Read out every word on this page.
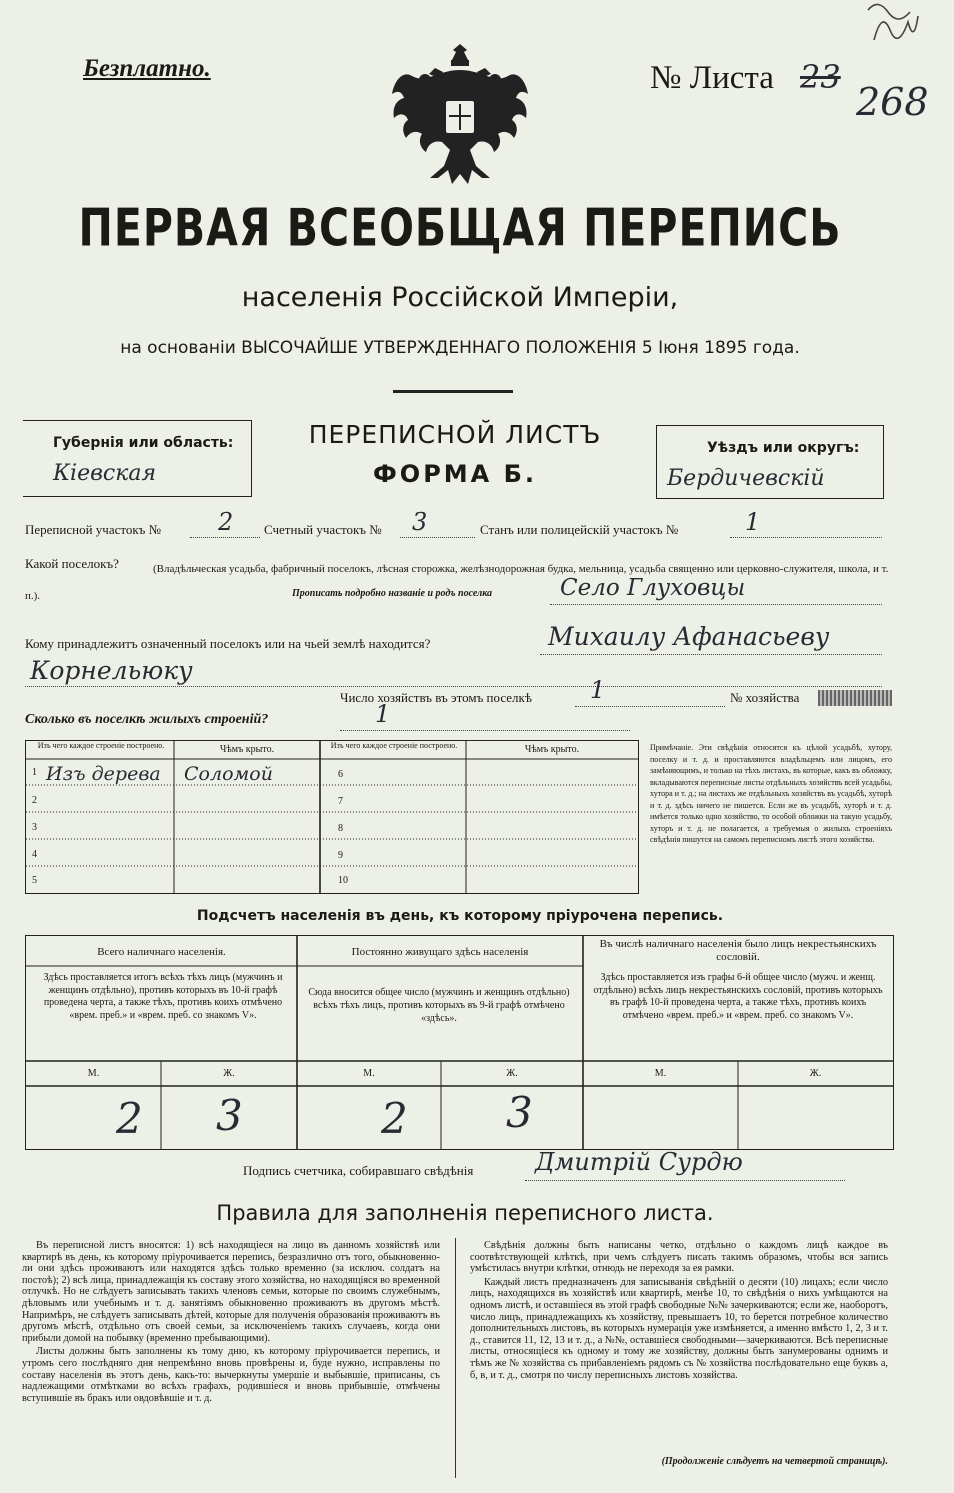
268
Безплатно.	№ Листа 23
ПЕРВАЯ ВСЕОБЩАЯ ПЕРЕПИСЬ
населенія Россійской Имперіи,
на основаніи ВЫСОЧАЙШЕ УТВЕРЖДЕННАГО ПОЛОЖЕНІЯ 5 Іюня 1895 года.
Губернія или область:
Кіевская
ПЕРЕПИСНОЙ ЛИСТЪ
ФОРМА Б.
Уѣздъ или округъ:
Бердичевскій
Переписной участокъ № 2 Счетный участокъ № 3	Станъ или полицейскій участокъ №	1
Какой поселокъ?	(Владѣльческая усадьба, фабричный поселокъ, лѣсная сторожка, желѣзнодорожная будка, мельница, усадьба священно или церковно-служителя, школа, и т. п.).	Прописать подробно названіе и родъ поселка	Село Глуховцы
Кому принадлежитъ означенный поселокъ или на чьей землѣ находится?	Михаилу Афанасьеву
Корнельюку
Число хозяйствъ въ этомъ поселкѣ 1	№ хозяйства
Сколько въ поселкѣ жилыхъ строеній?	1
Изъ чего каждое строеніе построено.	Чѣмъ крыто.	Изъ чего каждое строеніе построено.	Чѣмъ крыто.
1 Изъ дерева Соломой
2
3
4
5
6
7
8
9
10
Примѣчаніе. Эти свѣдѣнія относятся къ цѣлой усадьбѣ, хутору, поселку и т. д. и проставляются владѣльцемъ или лицомъ, его замѣняющимъ, и только на тѣхъ листахъ, въ которые, какъ въ обложку, вкладываются переписные листы отдѣльныхъ хозяйствъ всей усадьбы, хутора и т. д.; на листахъ же отдѣльныхъ хозяйствъ въ усадьбѣ, хуторѣ и т. д. здѣсь ничего не пишется. Если же въ усадьбѣ, хуторѣ и т. д. имѣется только одно хозяйство, то особой обложки на такую усадьбу, хуторъ и т. д. не полагается, а требуемыя о жилыхъ строеніяхъ свѣдѣнія пишутся на самомъ переписномъ листѣ этого хозяйства.
Подсчетъ населенія въ день, къ которому пріурочена перепись.
Всего наличнаго населенія.
Здѣсь проставляется итогъ всѣхъ тѣхъ лицъ (мужчинъ и женщинъ отдѣльно), противъ которыхъ въ 10-й графѣ проведена черта, а также тѣхъ, противъ коихъ отмѣчено «врем. преб.» и «врем. преб. со знакомъ V».
Постоянно живущаго здѣсь населенія
Сюда вносится общее число (мужчинъ и женщинъ отдѣльно) всѣхъ тѣхъ лицъ, противъ которыхъ въ 9-й графѣ отмѣчено «здѣсь».
Въ числѣ наличнаго населенія было лицъ некрестьянскихъ сословій.
Здѣсь проставляется изъ графы 6-й общее число (мужч. и женщ. отдѣльно) всѣхъ лицъ некрестьянскихъ сословій, противъ которыхъ въ графѣ 10-й проведена черта, а также тѣхъ, противъ коихъ отмѣчено «врем. преб.» и «врем. преб. со знакомъ V».
М.	Ж.	М.	Ж.	М.	Ж.
2 3	2 3
Подпись счетчика, собиравшаго свѣдѣнія	Дмитрій Сурдю
Правила для заполненія переписного листа.

Въ переписной листъ вносятся: 1) всѣ находящіеся на лицо въ данномъ хозяйствѣ или квартирѣ въ день, къ которому пріурочивается перепись, безразлично отъ того, обыкновенно-ли они здѣсь проживаютъ или находятся здѣсь только временно (за исключ. солдатъ на постоѣ); 2) всѣ лица, принадлежащія къ составу этого хозяйства, но находящіяся во временной отлучкѣ. Но не слѣдуетъ записывать такихъ членовъ семьи, которые по своимъ служебнымъ, дѣловымъ или учебнымъ и т. д. занятіямъ обыкновенно проживаютъ въ другомъ мѣстѣ. Напримѣръ, не слѣдуетъ записывать дѣтей, которые для полученія образованія проживаютъ въ другомъ мѣстѣ, отдѣльно отъ своей семьи, за исключеніемъ такихъ случаевъ, когда они прибыли домой на побывку (временно пребывающими).

Листы должны быть заполнены къ тому дню, къ которому пріурочивается перепись, и утромъ сего послѣдняго дня непремѣнно вновь провѣрены и, буде нужно, исправлены по составу населенія въ этотъ день, какъ-то: вычеркнуты умершіе и выбывшіе, приписаны, съ надлежащими отмѣтками во всѣхъ графахъ, родившіеся и вновь прибывшіе, отмѣчены вступившіе въ бракъ или овдовѣвшіе и т. д.

Свѣдѣнія должны быть написаны четко, отдѣльно о каждомъ лицѣ каждое въ соотвѣтствующей клѣткѣ, при чемъ слѣдуетъ писать такимъ образомъ, чтобы вся запись умѣстилась внутри клѣтки, отнюдь не переходя за ея рамки.

Каждый листъ предназначенъ для записыванія свѣдѣній о десяти (10) лицахъ; если число лицъ, находящихся въ хозяйствѣ или квартирѣ, менѣе 10, то свѣдѣнія о нихъ умѣщаются на одномъ листѣ, и оставшіеся въ этой графѣ свободные №№ зачеркиваются; если же, наоборотъ, число лицъ, принадлежащихъ къ хозяйству, превышаетъ 10, то берется потребное количество дополнительныхъ листовъ, въ которыхъ нумерація уже измѣняется, а именно вмѣсто 1, 2, 3 и т. д., ставится 11, 12, 13 и т. д., а №№, оставшіеся свободными—зачеркиваются. Всѣ переписные листы, относящіеся къ одному и тому же хозяйству, должны быть занумерованы однимъ и тѣмъ же № хозяйства съ прибавленіемъ рядомъ съ № хозяйства послѣдовательно еще буквъ а, б, в, и т. д., смотря по числу переписныхъ листовъ хозяйства.

(Продолженіе слѣдуетъ на четвертой страницѣ).
